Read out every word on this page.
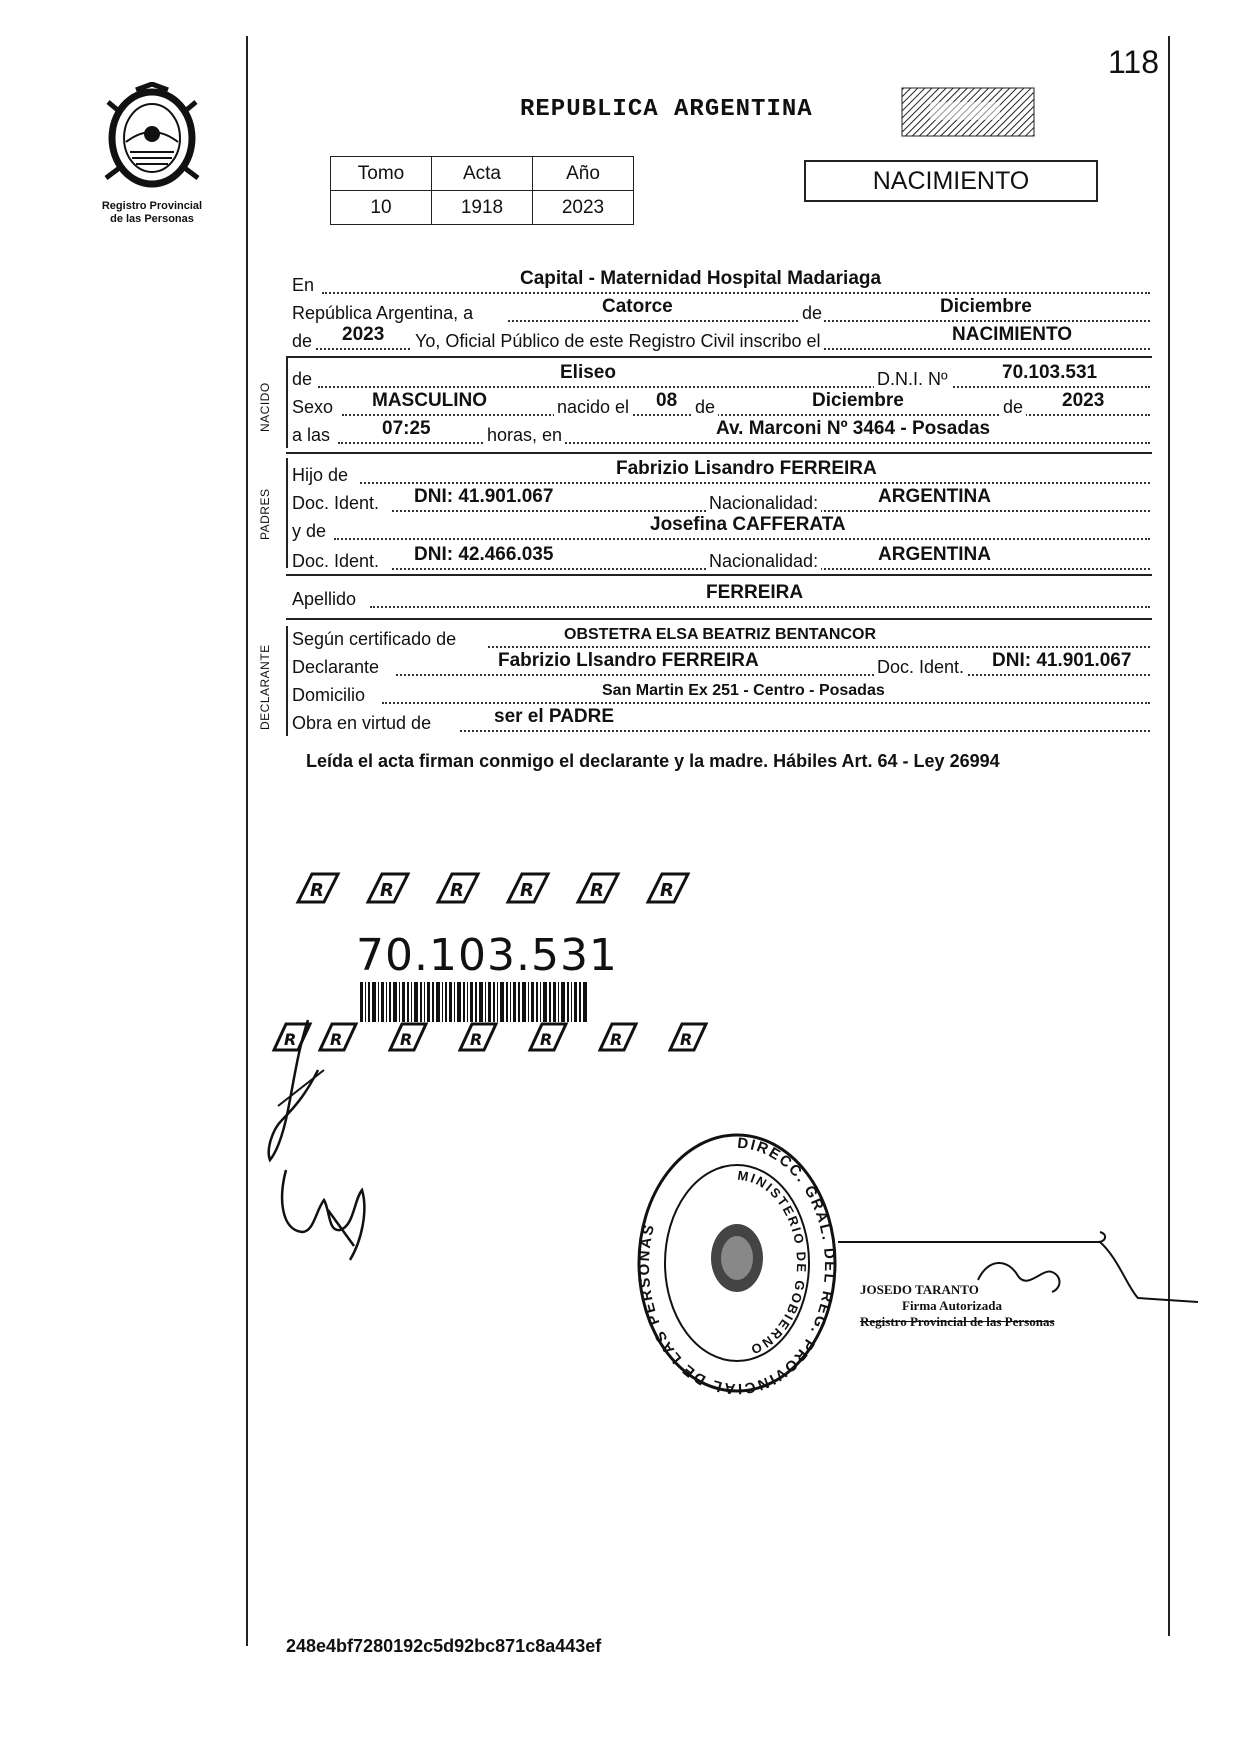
Registro Provincial
de las Personas
118
REPUBLICA ARGENTINA
Tomo	Acta	Año
10	1918	2023
NACIMIENTO
En	Capital - Maternidad Hospital Madariaga
República Argentina, a	Catorce	de	Diciembre
de 2023 Yo, Oficial Público de este Registro Civil inscribo el	NACIMIENTO
NACIDO
de	Eliseo	D.N.I. Nº	70.103.531
Sexo MASCULINO	nacido el 08 de	Diciembre	de 2023
a las	07:25	horas, en	Av. Marconi Nº 3464 - Posadas
PADRES
Hijo de	Fabrizio Lisandro FERREIRA
Doc. Ident. DNI: 41.901.067	Nacionalidad:	ARGENTINA
y de	Josefina CAFFERATA
Doc. Ident. DNI: 42.466.035	Nacionalidad:	ARGENTINA
Apellido	FERREIRA
DECLARANTE
Según certificado de	OBSTETRA ELSA BEATRIZ BENTANCOR
Declarante	Fabrizio Llsandro FERREIRA	Doc. Ident. DNI: 41.901.067
Domicilio	San Martin Ex 251 - Centro - Posadas
Obra en virtud de	ser el PADRE
Leída el acta firman conmigo el declarante y la madre. Hábiles Art. 64 - Ley 26994
R
70.103.531
R
DIRECC. GRAL. DEL REG. PROVINCIAL DE LAS PERSONAS
MINISTERIO DE GOBIERNO
JOSEDO TARANTO
Firma Autorizada
Registro Provincial de las Personas
248e4bf7280192c5d92bc871c8a443ef
